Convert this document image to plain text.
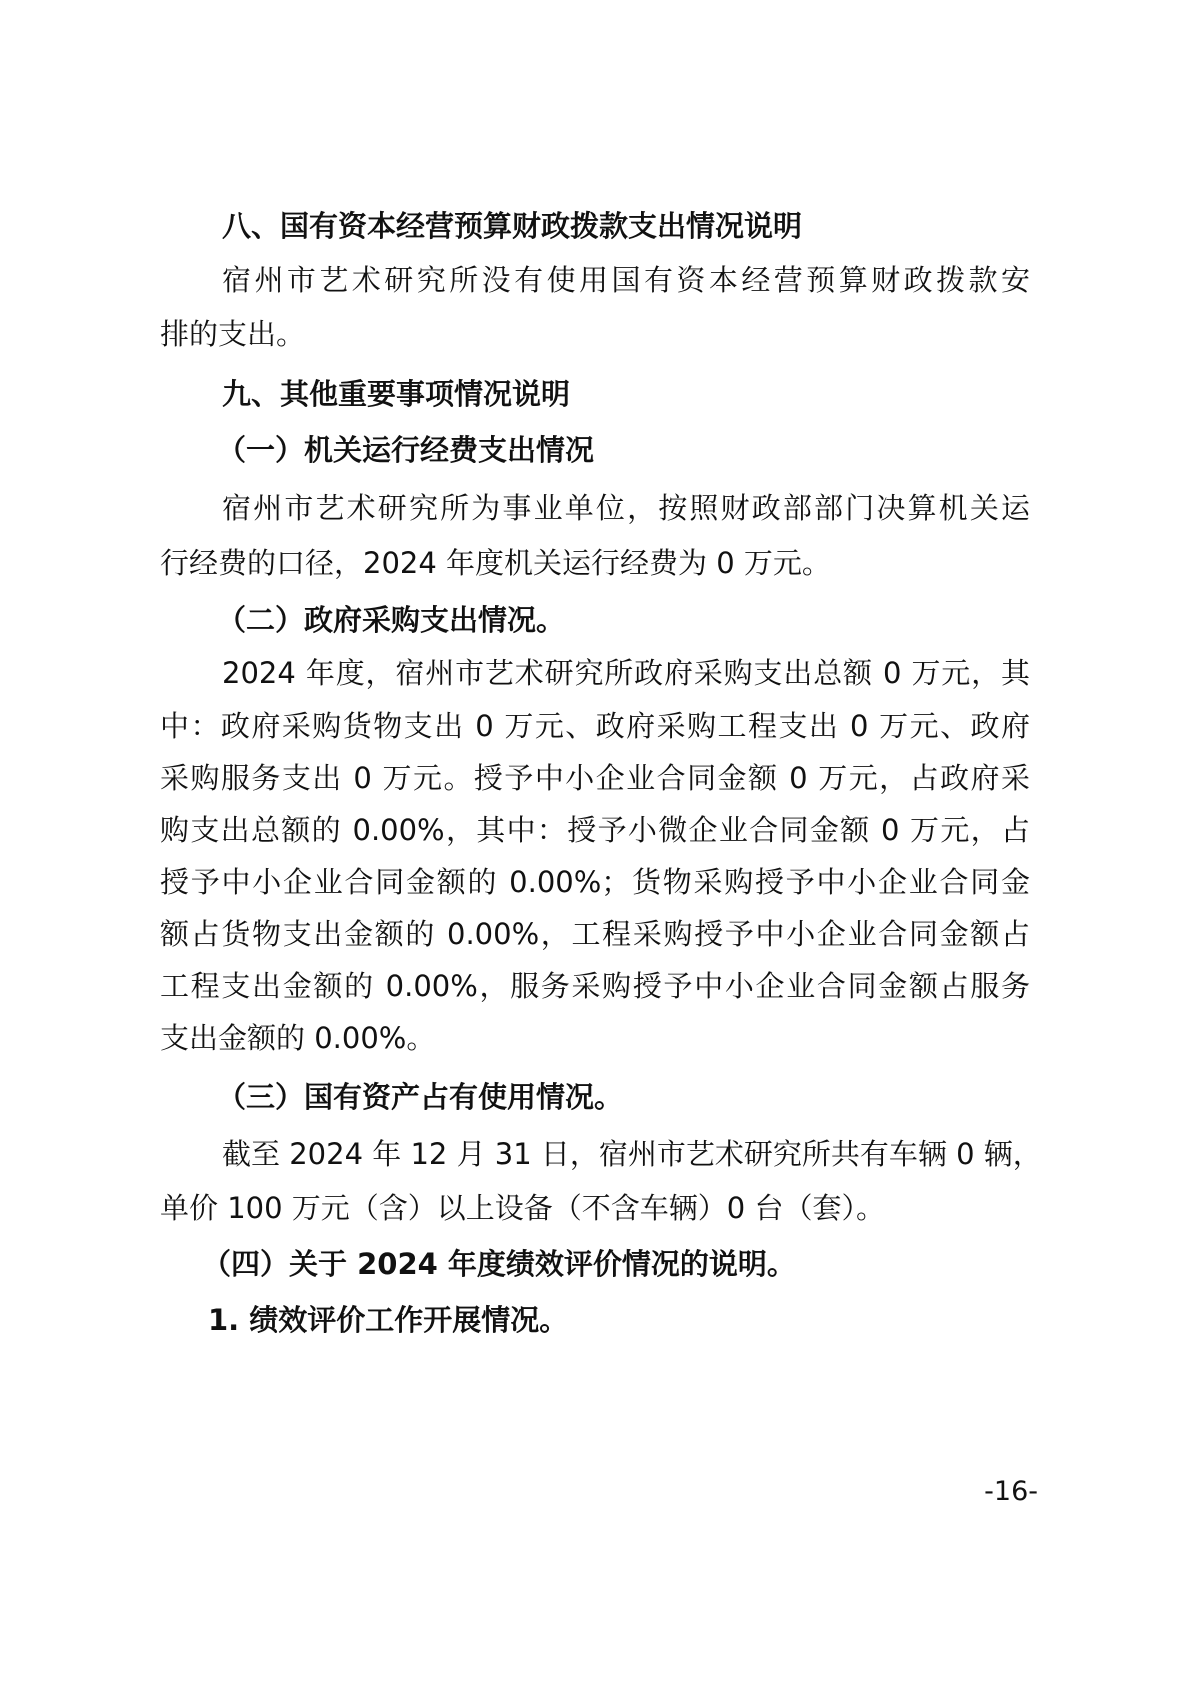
八、国有资本经营预算财政拨款支出情况说明
宿州市艺术研究所没有使用国有资本经营预算财政拨款安
排的支出。
九、其他重要事项情况说明
（一）机关运行经费支出情况
宿州市艺术研究所为事业单位，按照财政部部门决算机关运
行经费的口径，2024 年度机关运行经费为 0 万元。
（二）政府采购支出情况。
2024 年度，宿州市艺术研究所政府采购支出总额 0 万元，其
中：政府采购货物支出 0 万元、政府采购工程支出 0 万元、政府
采购服务支出 0 万元。授予中小企业合同金额 0 万元，占政府采
购支出总额的 0.00%，其中：授予小微企业合同金额 0 万元，占
授予中小企业合同金额的 0.00%；货物采购授予中小企业合同金
额占货物支出金额的 0.00%，工程采购授予中小企业合同金额占
工程支出金额的 0.00%，服务采购授予中小企业合同金额占服务
支出金额的 0.00%。
（三）国有资产占有使用情况。
截至 2024 年 12 月 31 日，宿州市艺术研究所共有车辆 0 辆，
单价 100 万元（含）以上设备（不含车辆）0 台（套）。
（四）关于 2024 年度绩效评价情况的说明。
1. 绩效评价工作开展情况。
-16-
